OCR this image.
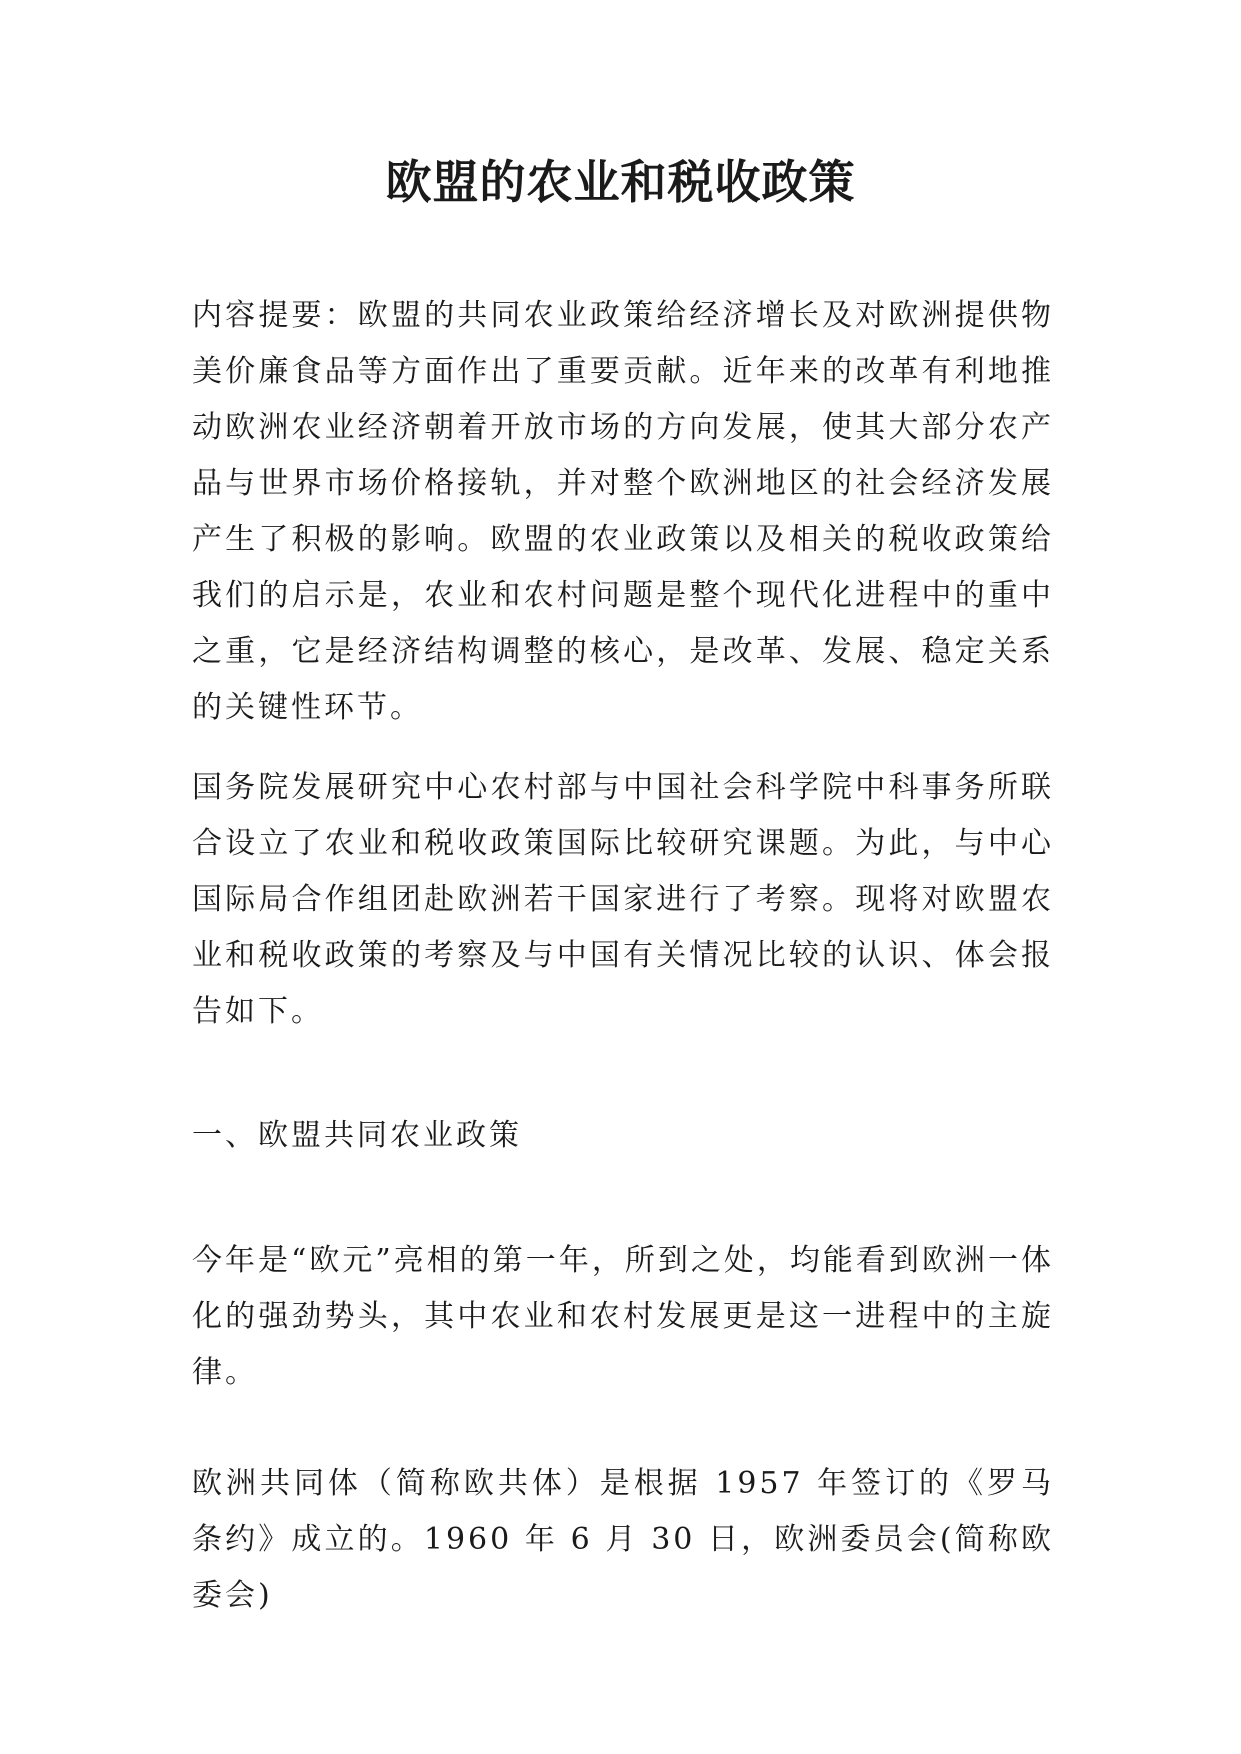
欧盟的农业和税收政策

内容提要：欧盟的共同农业政策给经济增长及对欧洲提供物美价廉食品等方面作出了重要贡献。近年来的改革有利地推动欧洲农业经济朝着开放市场的方向发展，使其大部分农产品与世界市场价格接轨，并对整个欧洲地区的社会经济发展产生了积极的影响。欧盟的农业政策以及相关的税收政策给我们的启示是，农业和农村问题是整个现代化进程中的重中之重，它是经济结构调整的核心，是改革、发展、稳定关系的关键性环节。

国务院发展研究中心农村部与中国社会科学院中科事务所联合设立了农业和税收政策国际比较研究课题。为此，与中心国际局合作组团赴欧洲若干国家进行了考察。现将对欧盟农业和税收政策的考察及与中国有关情况比较的认识、体会报告如下。

一、欧盟共同农业政策

今年是“欧元”亮相的第一年，所到之处，均能看到欧洲一体化的强劲势头，其中农业和农村发展更是这一进程中的主旋律。

欧洲共同体（简称欧共体）是根据 1957 年签订的《罗马条约》成立的。1960 年 6 月 30 日，欧洲委员会(简称欧委会)
